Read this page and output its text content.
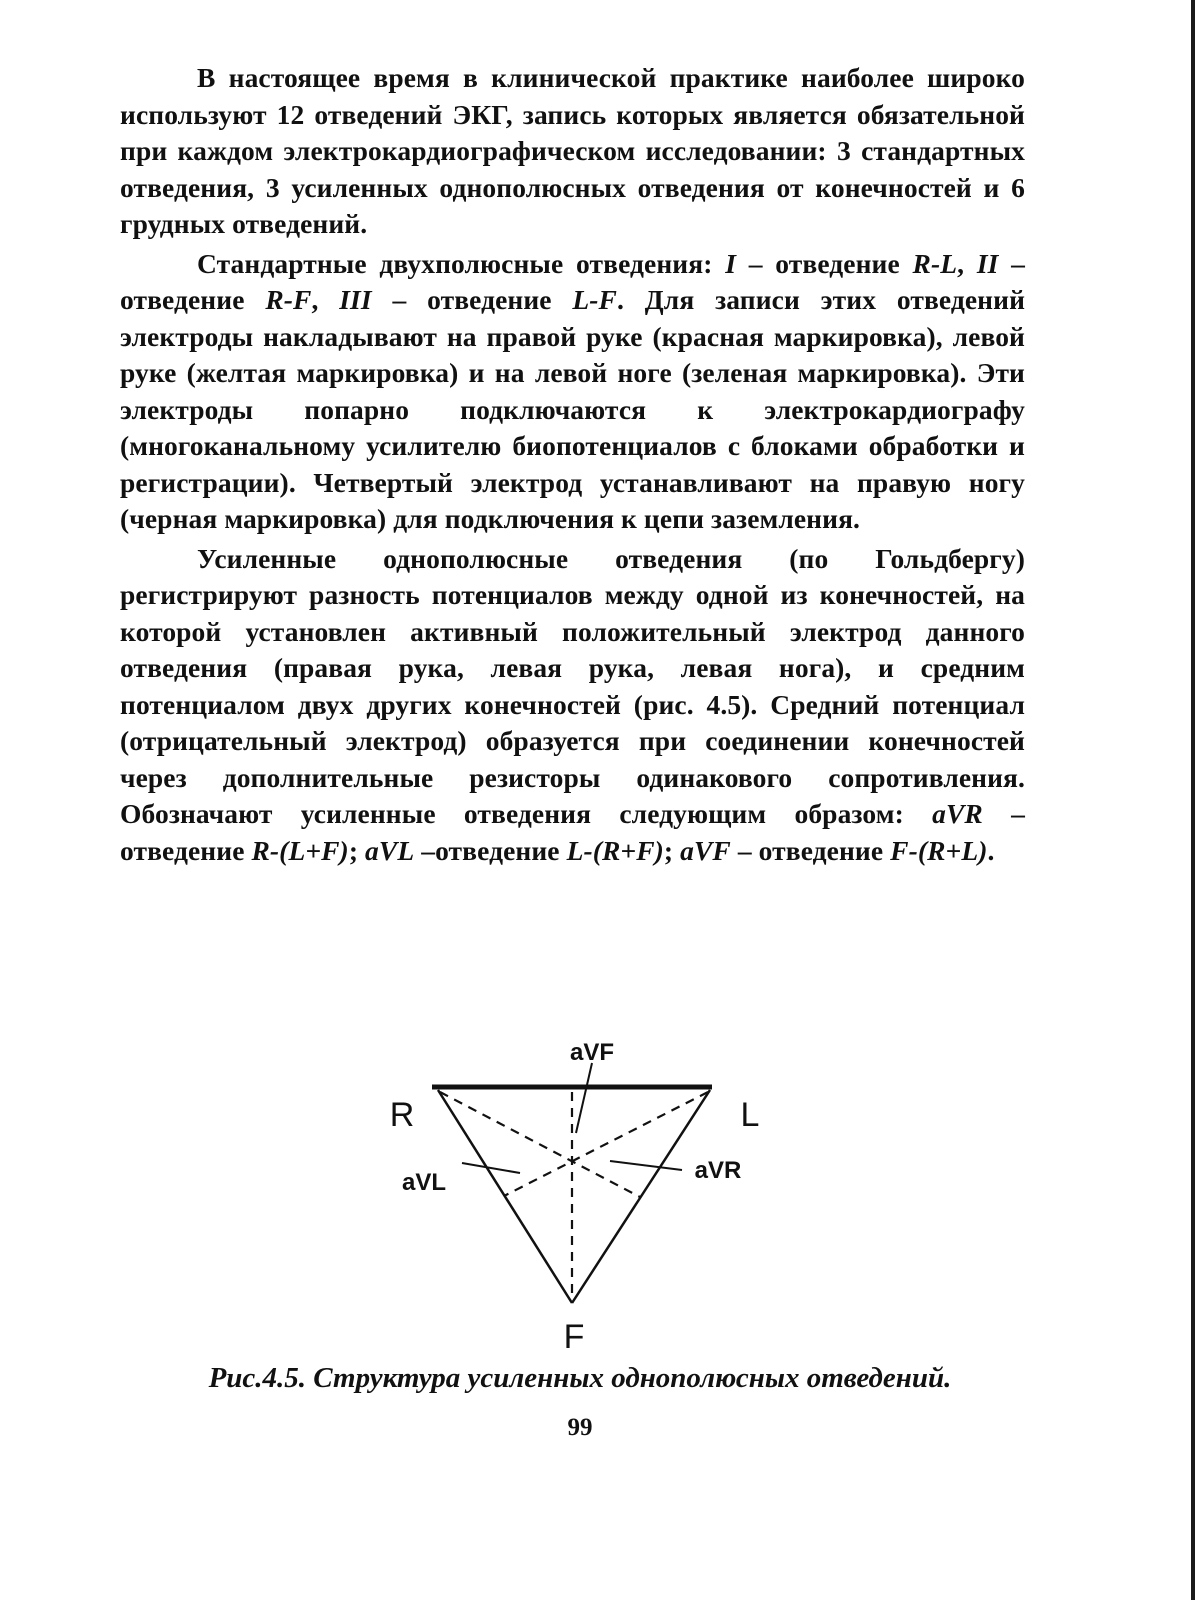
В настоящее время в клинической практике наиболее широко используют 12 отведений ЭКГ, запись которых является обязательной при каждом электрокардиографическом исследовании: 3 стандартных отведения, 3 усиленных однополюсных отведения от конечностей и 6 грудных отведений.

Стандартные двухполюсные отведения: I – отведение R-L, II – отведение R-F, III – отведение L-F. Для записи этих отведений электроды накладывают на правой руке (красная маркировка), левой руке (желтая маркировка) и на левой ноге (зеленая маркировка). Эти электроды попарно подключаются к электрокардиографу (многоканальному усилителю биопотенциалов с блоками обработки и регистрации). Четвертый электрод устанавливают на правую ногу (черная маркировка) для подключения к цепи заземления.

Усиленные однополюсные отведения (по Гольдбергу) регистрируют разность потенциалов между одной из конечностей, на которой установлен активный положительный электрод данного отведения (правая рука, левая рука, левая нога), и средним потенциалом двух других конечностей (рис. 4.5). Средний потенциал (отрицательный электрод) образуется при соединении конечностей через дополнительные резисторы одинакового сопротивления. Обозначают усиленные отведения следующим образом: aVR – отведение R-(L+F); aVL –отведение L-(R+F); aVF – отведение F-(R+L).

aVF
R	L
aVL	aVR
F
Рис.4.5. Структура усиленных однополюсных отведений.
99
